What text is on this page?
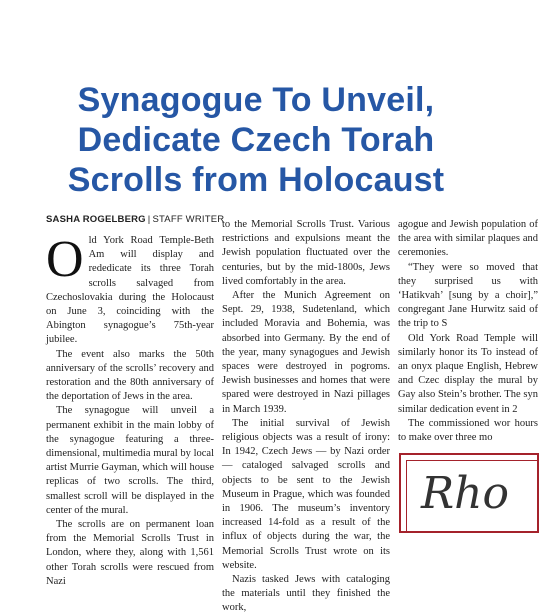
Synagogue To Unveil, Dedicate Czech Torah Scrolls from Holocaust
SASHA ROGELBERG | STAFF WRITER

Old York Road Temple-Beth Am will display and rededicate its three Torah scrolls salvaged from Czechoslovakia during the Holocaust on June 3, coinciding with the Abington synagogue’s 75th-year jubilee.

The event also marks the 50th anniversary of the scrolls’ recovery and restoration and the 80th anniversary of the deportation of Jews in the area.

The synagogue will unveil a permanent exhibit in the main lobby of the synagogue featuring a three-dimensional, multimedia mural by local artist Murrie Gayman, which will house replicas of two scrolls. The third, smallest scroll will be displayed in the center of the mural.

The scrolls are on permanent loan from the Memorial Scrolls Trust in London, where they, along with 1,561 other Torah scrolls were rescued from Nazi

to the Memorial Scrolls Trust. Various restrictions and expulsions meant the Jewish population fluctuated over the centuries, but by the mid-1800s, Jews lived comfortably in the area.

After the Munich Agreement on Sept. 29, 1938, Sudetenland, which included Moravia and Bohemia, was absorbed into Germany. By the end of the year, many synagogues and Jewish spaces were destroyed in pogroms. Jewish businesses and homes that were spared were destroyed in Nazi pillages in March 1939.

The initial survival of Jewish religious objects was a result of irony: In 1942, Czech Jews — by Nazi order — cataloged salvaged scrolls and objects to be sent to the Jewish Museum in Prague, which was founded in 1906. The museum’s inventory increased 14-fold as a result of the influx of objects during the war, the Memorial Scrolls Trust wrote on its website.

Nazis tasked Jews with cataloging the materials until they finished the work,

agogue and Jewish population of the area with similar plaques and ceremonies.

“They were so moved that they surprised us with ‘Hatikvah’ [sung by a choir],” congregant Jane Hurwitz said of the trip to S

Old York Road Temple will similarly honor its To instead of an onyx plaque English, Hebrew and Czec display the mural by Gay also Stein’s brother. The syn similar dedication event in 2

The commissioned wor hours to make over three mo

Rho
